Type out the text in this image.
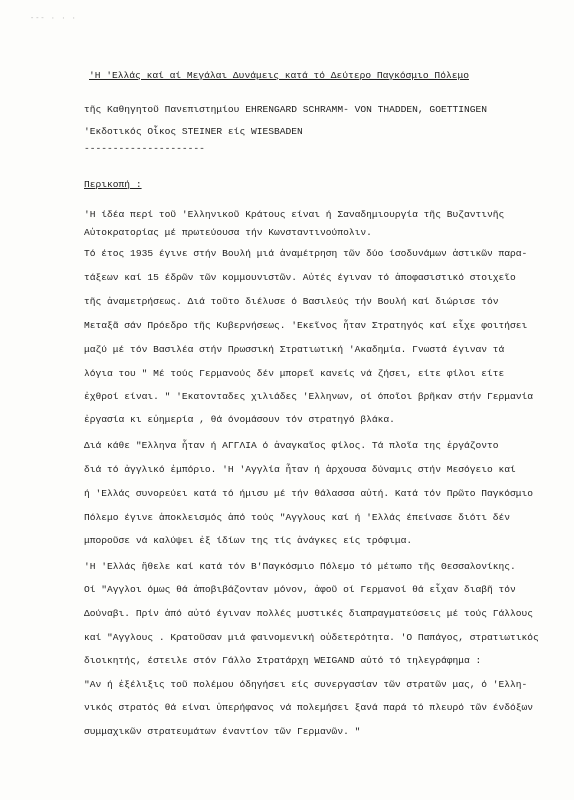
--- · · ·
'Η 'Ελλάς καί αί Μεγάλαι Δυνάμεις κατά τό Δεύτερο Παγκόσμιο Πόλεμο
τῆς Καθηγητοῦ Πανεπιστημίου EHRENGARD SCHRAMM- VON THADDEN, GOETTINGEN
'Εκδοτικός Οἶκος STEINER είς WIESBADEN
---------------------
Περικοπή :
'Η ίδέα περί τοῦ 'Ελληνικοῦ Κράτους είναι ή Σαναδημιουργία τῆς Βυζαντινῆς
Αὐτοκρατορίας μέ πρωτεύουσα τήν Κωνσταντινούπολιν.
Τό έτος 1935 έγινε στήν Βουλή μιά ἀναμέτρηση τῶν δύο ίσοδυνάμων ἀστικῶν παρα-
τάξεων καί 15 έδρῶν τῶν κομμουνιστῶν. Αὐτές έγιναν τό ἀποφασιστικό στοιχεῖο
τῆς ἀναμετρήσεως. Διά τοῦτο διέλυσε ό Βασιλεύς τήν Βουλή καί διώρισε τόν
Μεταξᾶ σάν Πρόεδρο τῆς Κυβερνήσεως. 'Εκεῖνος ἦταν Στρατηγός καί εἶχε φοιτήσει
μαζύ μέ τόν Βασιλέα στήν Πρωσσική Στρατιωτική 'Ακαδημία. Γνωστά έγιναν τά
λόγια του " Μέ τούς Γερμανούς δέν μπορεῖ κανείς νά ζήσει, είτε φίλοι είτε
ἐχθροί είναι. " 'Εκατονταδες χιλιάδες 'Ελληνων, οί όποῖοι βρῆκαν στήν Γερμανία
ἐργασία κι εὐημερία , θά όνομάσουν τόν στρατηγό βλάκα.
Διά κάθε "Ελληνα ἦταν ή ΑΓΓΛΙΑ ό ἀναγκαῖος φίλος. Τά πλοῖα της ἐργάζοντο
διά τό ἀγγλικό ἐμπόριο. 'Η 'Αγγλία ἦταν ή ἀρχουσα δύναμις στήν Μεσόγειο καί
ή 'Ελλάς συνορεύει κατά τό ήμισυ μέ τήν θάλασσα αὐτή. Κατά τόν Πρῶτο Παγκόσμιο
Πόλεμο έγινε ἀποκλεισμός ἀπό τούς "Αγγλους καί ή 'Ελλάς έπείνασε διότι δέν
μποροῦσε νά καλύψει ἐξ ίδίων της τίς ἀνάγκες είς τρόφιμα.
'Η 'Ελλάς ἤθελε καί κατά τόν Β'Παγκόσμιο Πόλεμο τό μέτωπο τῆς Θεσσαλονίκης.
Οί "Αγγλοι όμως θά ἀποβιβάζονταν μόνον, ἀφοῦ οί Γερμανοί θά εἶχαν διαβῆ τόν
Δούναβι. Πρίν ἀπό αὐτό έγιναν πολλές μυστικές διαπραγματεύσεις μέ τούς Γάλλους
καί "Αγγλους . Κρατοῦσαν μιά φαινομενική οὐδετερότητα. 'Ο Παπάγος, στρατιωτικός
διοικητής, έστειλε στόν Γάλλο Στρατάρχη WEIGAND αὐτό τό τηλεγράφημα :
"Αν ή ἐξέλιξις τοῦ πολέμου όδηγήσει είς συνεργασίαν τῶν στρατῶν μας, ό 'Ελλη-
νικός στρατός θά είναι ὑπερήφανος νά πολεμήσει ξανά παρά τό πλευρό τῶν ένδόξων
συμμαχικῶν στρατευμάτων έναντίον τῶν Γερμανῶν. "
